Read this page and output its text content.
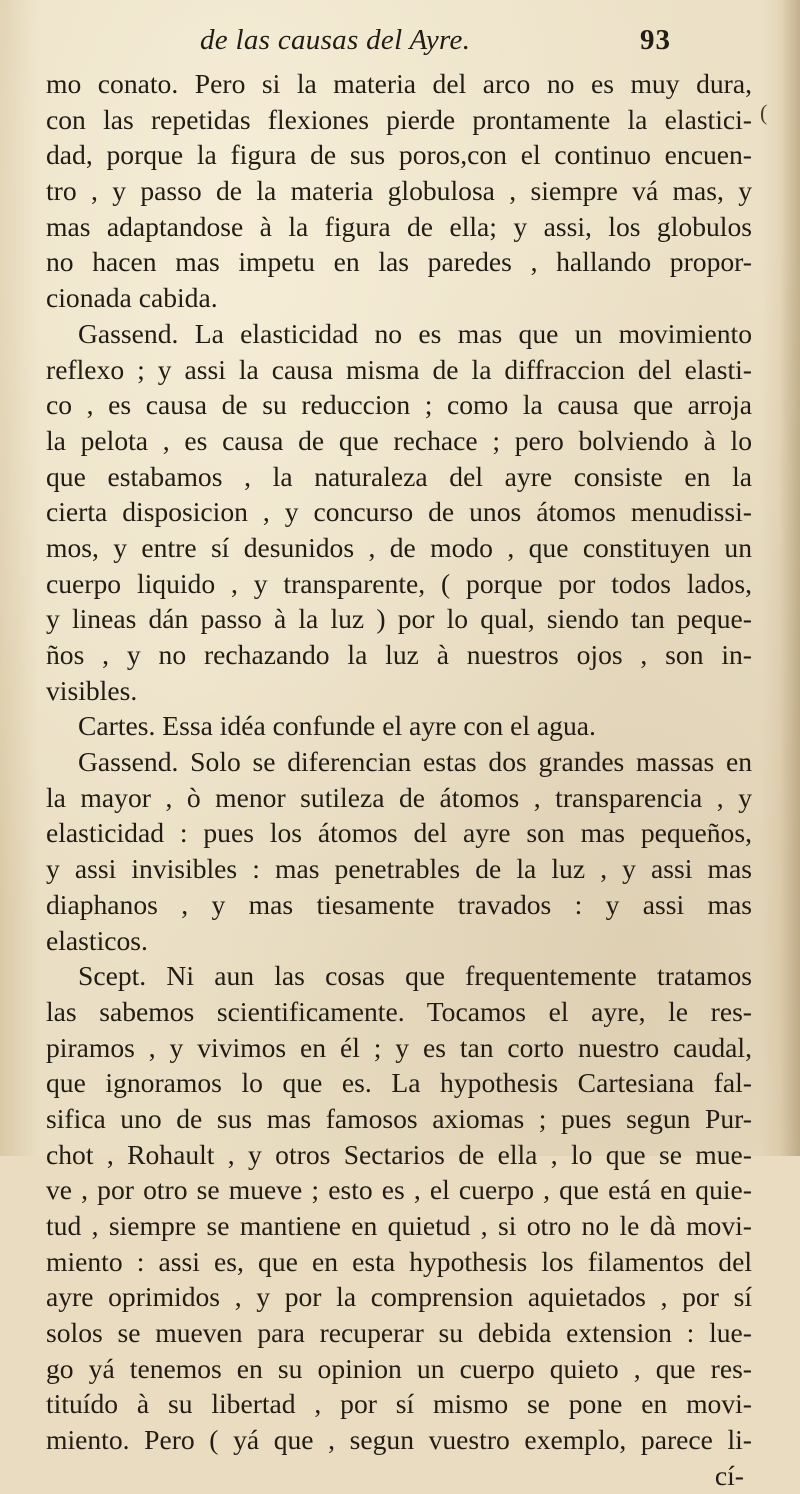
de las causas del Ayre.	93
(
mo conato. Pero si la materia del arco no es muy dura,
con las repetidas flexiones pierde prontamente la elastici-
dad, porque la figura de sus poros,con el continuo encuen-
tro , y passo de la materia globulosa , siempre vá mas, y
mas adaptandose à la figura de ella; y assi, los globulos
no hacen mas impetu en las paredes , hallando propor-
cionada cabida.
Gassend. La elasticidad no es mas que un movimiento
reflexo ; y assi la causa misma de la diffraccion del elasti-
co , es causa de su reduccion ; como la causa que arroja
la pelota , es causa de que rechace ; pero bolviendo à lo
que estabamos , la naturaleza del ayre consiste en la
cierta disposicion , y concurso de unos átomos menudissi-
mos, y entre sí desunidos , de modo , que constituyen un
cuerpo liquido , y transparente, ( porque por todos lados,
y lineas dán passo à la luz ) por lo qual, siendo tan peque-
ños , y no rechazando la luz à nuestros ojos , son in-
visibles.
Cartes. Essa idéa confunde el ayre con el agua.
Gassend. Solo se diferencian estas dos grandes massas en
la mayor , ò menor sutileza de átomos , transparencia , y
elasticidad : pues los átomos del ayre son mas pequeños,
y assi invisibles : mas penetrables de la luz , y assi mas
diaphanos , y mas tiesamente travados : y assi mas
elasticos.
Scept. Ni aun las cosas que frequentemente tratamos
las sabemos scientificamente. Tocamos el ayre, le res-
piramos , y vivimos en él ; y es tan corto nuestro caudal,
que ignoramos lo que es. La hypothesis Cartesiana fal-
sifica uno de sus mas famosos axiomas ; pues segun Pur-
chot , Rohault , y otros Sectarios de ella , lo que se mue-
ve , por otro se mueve ; esto es , el cuerpo , que está en quie-
tud , siempre se mantiene en quietud , si otro no le dà movi-
miento : assi es, que en esta hypothesis los filamentos del
ayre oprimidos , y por la comprension aquietados , por sí
solos se mueven para recuperar su debida extension : lue-
go yá tenemos en su opinion un cuerpo quieto , que res-
tituído à su libertad , por sí mismo se pone en movi-
miento. Pero ( yá que , segun vuestro exemplo, parece li-
cí-
